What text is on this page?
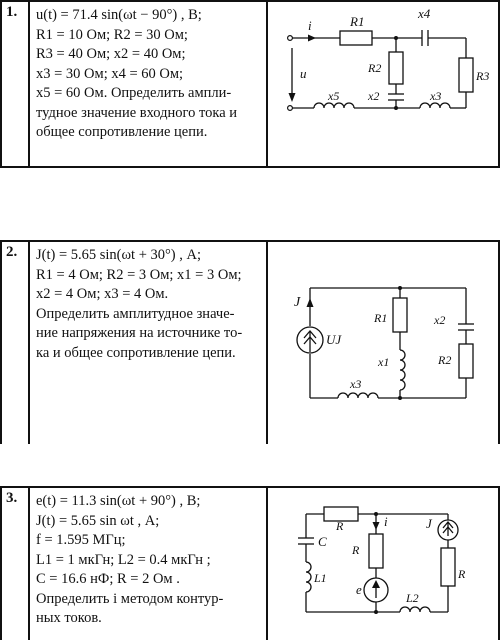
1. u(t) = 71.4 sin(ωt − 90°) , В;
R1 = 10 Ом; R2 = 30 Ом;
R3 = 40 Ом; x2 = 40 Ом;
x3 = 30 Ом; x4 = 60 Ом;
x5 = 60 Ом. Определить ампли-
тудное значение входного тока и
общее сопротивление цепи.
i	R1
x4
u	R2
R3
x2	x3
x5
2. J(t) = 5.65 sin(ωt + 30°) , А;
R1 = 4 Ом; R2 = 3 Ом; x1 = 3 Ом;
x2 = 4 Ом; x3 = 4 Ом.
Определить амплитудное значе-
ние напряжения на источнике то-
ка и общее сопротивление цепи.
J
UJ
R1
x1
x2
R2
x3
3. e(t) = 11.3 sin(ωt + 90°) , В;
J(t) = 5.65 sin ωt , А;
f = 1.595 МГц;
L1 = 1 мкГн; L2 = 0.4 мкГн ;
C = 16.6 нФ; R = 2 Ом .
Определить i методом контур-
ных токов.
R	i	J
C
R
R
L1
e
L2
